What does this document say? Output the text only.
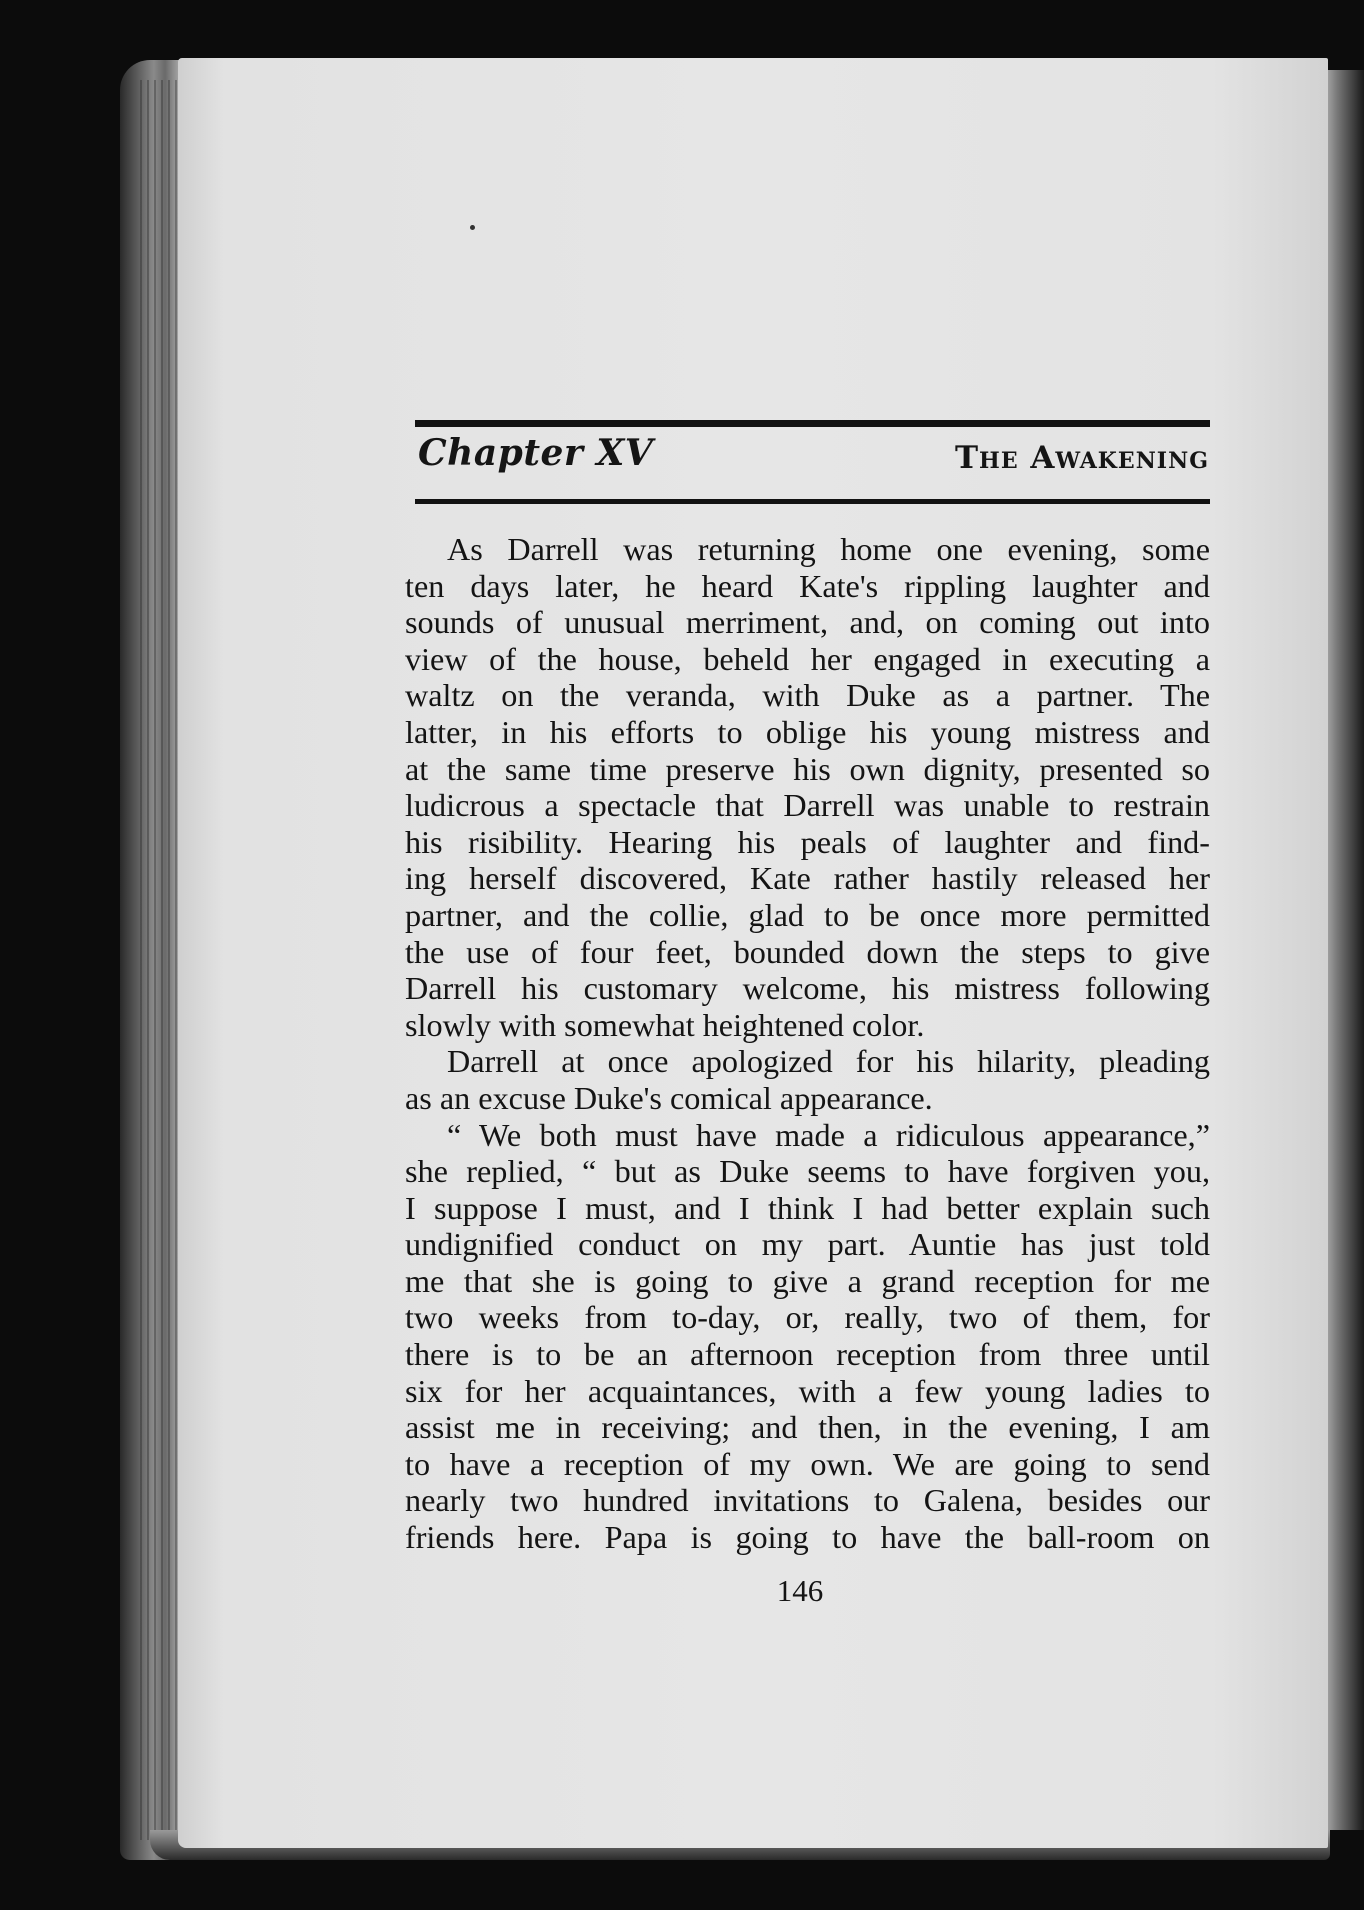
Chapter XV	The Awakening
As Darrell was returning home one evening, some
ten days later, he heard Kate's rippling laughter and
sounds of unusual merriment, and, on coming out into
view of the house, beheld her engaged in executing a
waltz on the veranda, with Duke as a partner. The
latter, in his efforts to oblige his young mistress and
at the same time preserve his own dignity, presented so
ludicrous a spectacle that Darrell was unable to restrain
his risibility. Hearing his peals of laughter and find-
ing herself discovered, Kate rather hastily released her
partner, and the collie, glad to be once more permitted
the use of four feet, bounded down the steps to give
Darrell his customary welcome, his mistress following
slowly with somewhat heightened color.
Darrell at once apologized for his hilarity, pleading
as an excuse Duke's comical appearance.
“ We both must have made a ridiculous appearance,”
she replied, “ but as Duke seems to have forgiven you,
I suppose I must, and I think I had better explain such
undignified conduct on my part. Auntie has just told
me that she is going to give a grand reception for me
two weeks from to-day, or, really, two of them, for
there is to be an afternoon reception from three until
six for her acquaintances, with a few young ladies to
assist me in receiving; and then, in the evening, I am
to have a reception of my own. We are going to send
nearly two hundred invitations to Galena, besides our
friends here. Papa is going to have the ball-room on
146
